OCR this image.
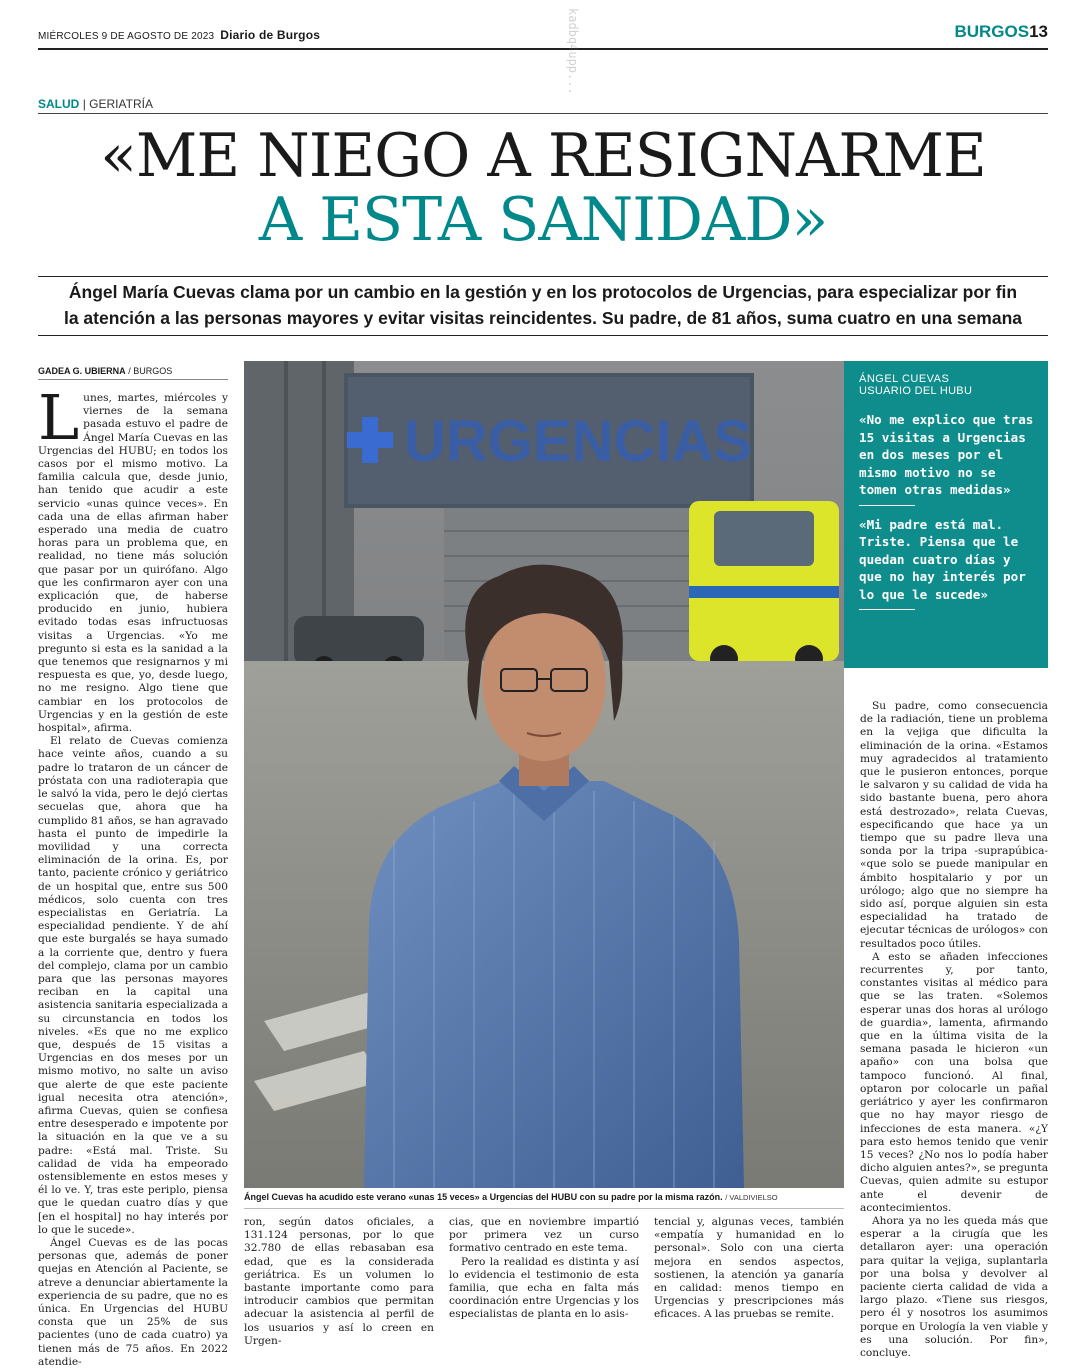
MIÉRCOLES 9 DE AGOSTO DE 2023 Diario de Burgos	BURGOS13
kadbq4upp...
SALUD | GERIATRÍA
«ME NIEGO A RESIGNARME
A ESTA SANIDAD»
Ángel María Cuevas clama por un cambio en la gestión y en los protocolos de Urgencias, para especializar por fin
la atención a las personas mayores y evitar visitas reincidentes. Su padre, de 81 años, suma cuatro en una semana
GADEA G. UBIERNA / BURGOS

Lunes, martes, miércoles y viernes de la semana pasada estuvo el padre de Ángel María Cuevas en las Urgencias del HUBU; en todos los casos por el mismo motivo. La familia calcula que, desde junio, han tenido que acudir a este servicio «unas quince veces». En cada una de ellas afirman haber esperado una media de cuatro horas para un problema que, en realidad, no tiene más solución que pasar por un quirófano. Algo que les confirmaron ayer con una explicación que, de haberse producido en junio, hubiera evitado todas esas infructuosas visitas a Urgencias. «Yo me pregunto si esta es la sanidad a la que tenemos que resignarnos y mi respuesta es que, yo, desde luego, no me resigno. Algo tiene que cambiar en los protocolos de Urgencias y en la gestión de este hospital», afirma.

El relato de Cuevas comienza hace veinte años, cuando a su padre lo trataron de un cáncer de próstata con una radioterapia que le salvó la vida, pero le dejó ciertas secuelas que, ahora que ha cumplido 81 años, se han agravado hasta el punto de impedirle la movilidad y una correcta eliminación de la orina. Es, por tanto, paciente crónico y geriátrico de un hospital que, entre sus 500 médicos, solo cuenta con tres especialistas en Geriatría. La especialidad pendiente. Y de ahí que este burgalés se haya sumado a la corriente que, dentro y fuera del complejo, clama por un cambio para que las personas mayores reciban en la capital una asistencia sanitaria especializada a su circunstancia en todos los niveles. «Es que no me explico que, después de 15 visitas a Urgencias en dos meses por un mismo motivo, no salte un aviso que alerte de que este paciente igual necesita otra atención», afirma Cuevas, quien se confiesa entre desesperado e impotente por la situación en la que ve a su padre: «Está mal. Triste. Su calidad de vida ha empeorado ostensiblemente en estos meses y él lo ve. Y, tras este periplo, piensa que le quedan cuatro días y que [en el hospital] no hay interés por lo que le sucede».

Ángel Cuevas es de las pocas personas que, además de poner quejas en Atención al Paciente, se atreve a denunciar abiertamente la experiencia de su padre, que no es única. En Urgencias del HUBU consta que un 25% de sus pacientes (uno de cada cuatro) ya tienen más de 75 años. En 2022 atendie-

URGENCIAS
Ángel Cuevas ha acudido este verano «unas 15 veces» a Urgencias del HUBU con su padre por la misma razón. / VALDIVIELSO
ÁNGEL CUEVAS
USUARIO DEL HUBU
«No me explico que tras 15 visitas a Urgencias en dos meses por el mismo motivo no se tomen otras medidas»
«Mi padre está mal. Triste. Piensa que le quedan cuatro días y que no hay interés por lo que le sucede»

ron, según datos oficiales, a 131.124 personas, por lo que 32.780 de ellas rebasaban esa edad, que es la considerada geriátrica. Es un volumen lo bastante importante como para introducir cambios que permitan adecuar la asistencia al perfil de los usuarios y así lo creen en Urgen-

cias, que en noviembre impartió por primera vez un curso formativo centrado en este tema.

Pero la realidad es distinta y así lo evidencia el testimonio de esta familia, que echa en falta más coordinación entre Urgencias y los especialistas de planta en lo asis-

tencial y, algunas veces, también «empatía y humanidad en lo personal». Solo con una cierta mejora en sendos aspectos, sostienen, la atención ya ganaría en calidad: menos tiempo en Urgencias y prescripciones más eficaces. A las pruebas se remite.

Su padre, como consecuencia de la radiación, tiene un problema en la vejiga que dificulta la eliminación de la orina. «Estamos muy agradecidos al tratamiento que le pusieron entonces, porque le salvaron y su calidad de vida ha sido bastante buena, pero ahora está destrozado», relata Cuevas, especificando que hace ya un tiempo que su padre lleva una sonda por la tripa -suprapúbica- «que solo se puede manipular en ámbito hospitalario y por un urólogo; algo que no siempre ha sido así, porque alguien sin esta especialidad ha tratado de ejecutar técnicas de urólogos» con resultados poco útiles.

A esto se añaden infecciones recurrentes y, por tanto, constantes visitas al médico para que se las traten. «Solemos esperar unas dos horas al urólogo de guardia», lamenta, afirmando que en la última visita de la semana pasada le hicieron «un apaño» con una bolsa que tampoco funcionó. Al final, optaron por colocarle un pañal geriátrico y ayer les confirmaron que no hay mayor riesgo de infecciones de esta manera. «¿Y para esto hemos tenido que venir 15 veces? ¿No nos lo podía haber dicho alguien antes?», se pregunta Cuevas, quien admite su estupor ante el devenir de acontecimientos.

Ahora ya no les queda más que esperar a la cirugía que les detallaron ayer: una operación para quitar la vejiga, suplantarla por una bolsa y devolver al paciente cierta calidad de vida a largo plazo. «Tiene sus riesgos, pero él y nosotros los asumimos porque en Urología la ven viable y es una solución. Por fin», concluye.
